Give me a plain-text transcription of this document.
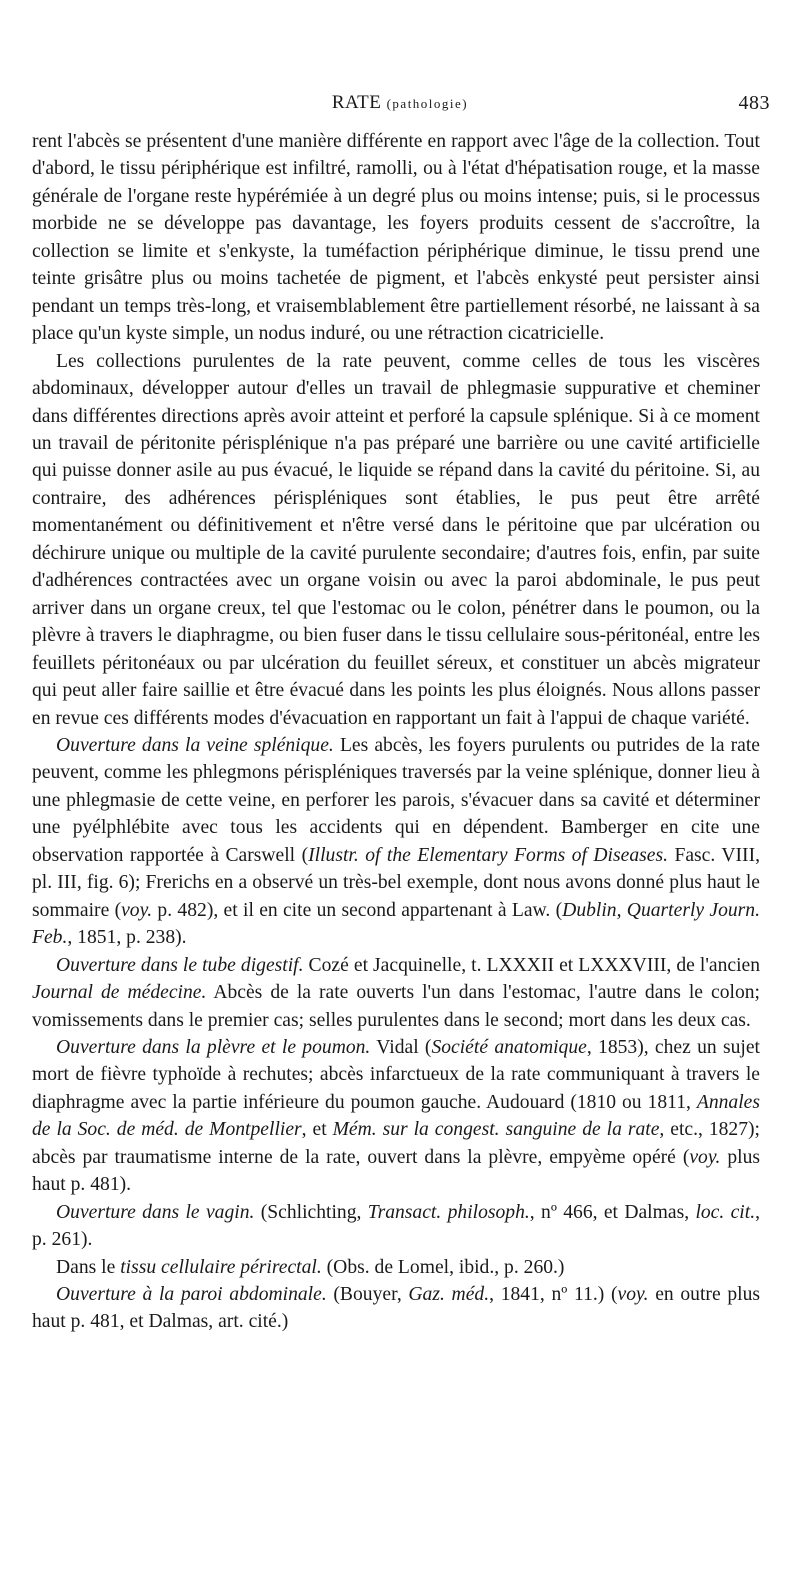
RATE (pathologie)	483

rent l'abcès se présentent d'une manière différente en rapport avec l'âge de la collection. Tout d'abord, le tissu périphérique est infiltré, ramolli, ou à l'état d'hépatisation rouge, et la masse générale de l'organe reste hypérémiée à un degré plus ou moins intense; puis, si le processus morbide ne se développe pas davantage, les foyers produits cessent de s'accroître, la collection se limite et s'enkyste, la tuméfaction périphérique diminue, le tissu prend une teinte grisâtre plus ou moins tachetée de pigment, et l'abcès enkysté peut persister ainsi pendant un temps très-long, et vraisemblablement être partiellement résorbé, ne laissant à sa place qu'un kyste simple, un nodus induré, ou une rétraction cicatricielle.

Les collections purulentes de la rate peuvent, comme celles de tous les viscères abdominaux, développer autour d'elles un travail de phlegmasie suppurative et cheminer dans différentes directions après avoir atteint et perforé la capsule splénique. Si à ce moment un travail de péritonite périsplénique n'a pas préparé une barrière ou une cavité artificielle qui puisse donner asile au pus évacué, le liquide se répand dans la cavité du péritoine. Si, au contraire, des adhérences périspléniques sont établies, le pus peut être arrêté momentanément ou définitivement et n'être versé dans le péritoine que par ulcération ou déchirure unique ou multiple de la cavité purulente secondaire; d'autres fois, enfin, par suite d'adhérences contractées avec un organe voisin ou avec la paroi abdominale, le pus peut arriver dans un organe creux, tel que l'estomac ou le colon, pénétrer dans le poumon, ou la plèvre à travers le diaphragme, ou bien fuser dans le tissu cellulaire sous-péritonéal, entre les feuillets péritonéaux ou par ulcération du feuillet séreux, et constituer un abcès migrateur qui peut aller faire saillie et être évacué dans les points les plus éloignés. Nous allons passer en revue ces différents modes d'évacuation en rapportant un fait à l'appui de chaque variété.

Ouverture dans la veine splénique. Les abcès, les foyers purulents ou putrides de la rate peuvent, comme les phlegmons périspléniques traversés par la veine splénique, donner lieu à une phlegmasie de cette veine, en perforer les parois, s'évacuer dans sa cavité et déterminer une pyélphlébite avec tous les accidents qui en dépendent. Bamberger en cite une observation rapportée à Carswell (Illustr. of the Elementary Forms of Diseases. Fasc. VIII, pl. III, fig. 6); Frerichs en a observé un très-bel exemple, dont nous avons donné plus haut le sommaire (voy. p. 482), et il en cite un second appartenant à Law. (Dublin, Quarterly Journ. Feb., 1851, p. 238).

Ouverture dans le tube digestif. Cozé et Jacquinelle, t. LXXXII et LXXXVIII, de l'ancien Journal de médecine. Abcès de la rate ouverts l'un dans l'estomac, l'autre dans le colon; vomissements dans le premier cas; selles purulentes dans le second; mort dans les deux cas.

Ouverture dans la plèvre et le poumon. Vidal (Société anatomique, 1853), chez un sujet mort de fièvre typhoïde à rechutes; abcès infarctueux de la rate communiquant à travers le diaphragme avec la partie inférieure du poumon gauche. Audouard (1810 ou 1811, Annales de la Soc. de méd. de Montpellier, et Mém. sur la congest. sanguine de la rate, etc., 1827); abcès par traumatisme interne de la rate, ouvert dans la plèvre, empyème opéré (voy. plus haut p. 481).

Ouverture dans le vagin. (Schlichting, Transact. philosoph., nº 466, et Dalmas, loc. cit., p. 261).

Dans le tissu cellulaire périrectal. (Obs. de Lomel, ibid., p. 260.)

Ouverture à la paroi abdominale. (Bouyer, Gaz. méd., 1841, nº 11.) (voy. en outre plus haut p. 481, et Dalmas, art. cité.)
